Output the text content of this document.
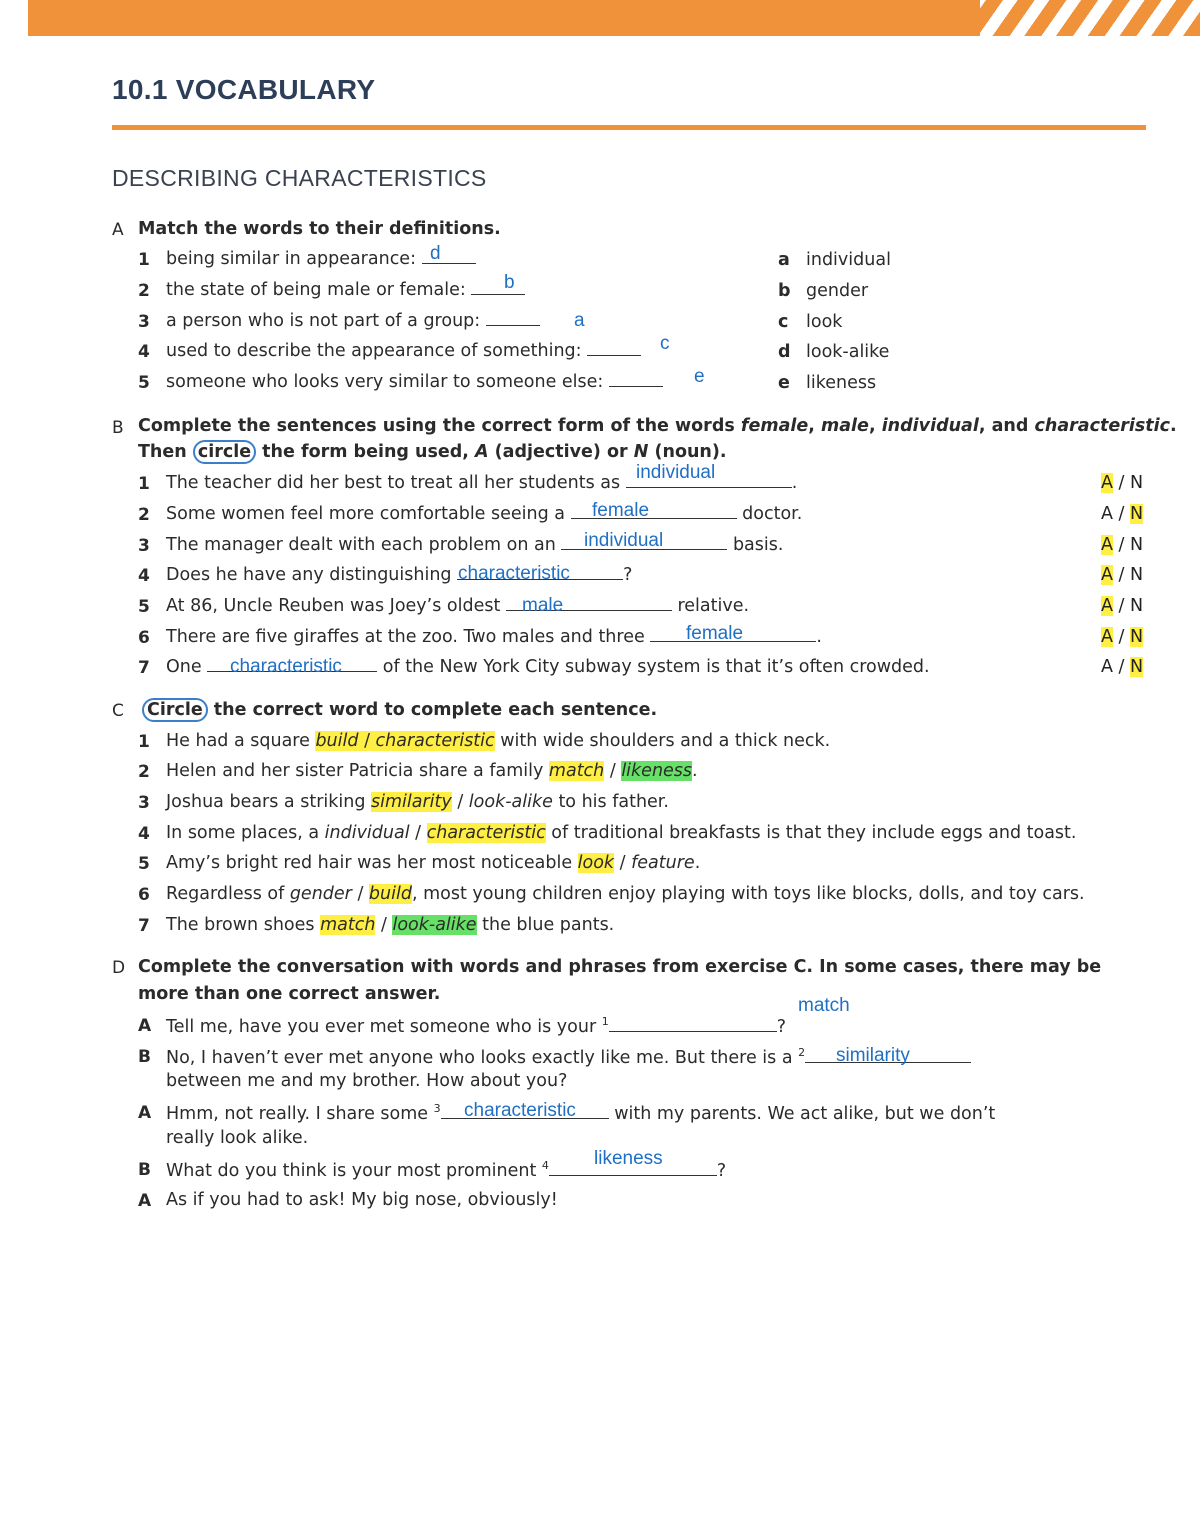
10.1 VOCABULARY
DESCRIBING CHARACTERISTICS
A Match the words to their definitions.
1 being similar in appearance: d
2 the state of being male or female:	b
3 a person who is not part of a group:	a
4 used to describe the appearance of something:	c
5 someone who looks very similar to someone else:	e
a individual
b gender
c look
d look-alike
e likeness
B Complete the sentences using the correct form of the words female, male, individual, and characteristic.
Then circle the form being used, A (adjective) or N (noun).
1 The teacher did her best to treat all her students as	.
individual	A / N
2 Some women feel more comfortable seeing a	doctor.
female	A / N
3 The manager dealt with each problem on an	basis.
individual	A / N
4 Does he have any distinguishing	?
characteristic	A / N
5 At 86, Uncle Reuben was Joey’s oldest	relative.
male	A / N
6 There are five giraffes at the zoo. Two males and three	.
female	A / N
7 One	of the New York City subway system is that it’s often crowded.
characteristic	A / N
C Circle the correct word to complete each sentence.
1 He had a square build / characteristic with wide shoulders and a thick neck.
2 Helen and her sister Patricia share a family match / likeness.
3 Joshua bears a striking similarity / look-alike to his father.
4 In some places, a individual / characteristic of traditional breakfasts is that they include eggs and toast.
5 Amy’s bright red hair was her most noticeable look / feature.
6 Regardless of gender / build, most young children enjoy playing with toys like blocks, dolls, and toy cars.
7 The brown shoes match / look-alike the blue pants.
D Complete the conversation with words and phrases from exercise C. In some cases, there may be
more than one correct answer.
A Tell me, have you ever met someone who is your $^1$	?
match
B No, I haven’t ever met anyone who looks exactly like me. But there is a $^2$
between me and my brother. How about you?
similarity
A Hmm, not really. I share some $^3$	with my parents. We act alike, but we don’t
really look alike.
characteristic
B What do you think is your most prominent $^4$	?
likeness
A As if you had to ask! My big nose, obviously!
